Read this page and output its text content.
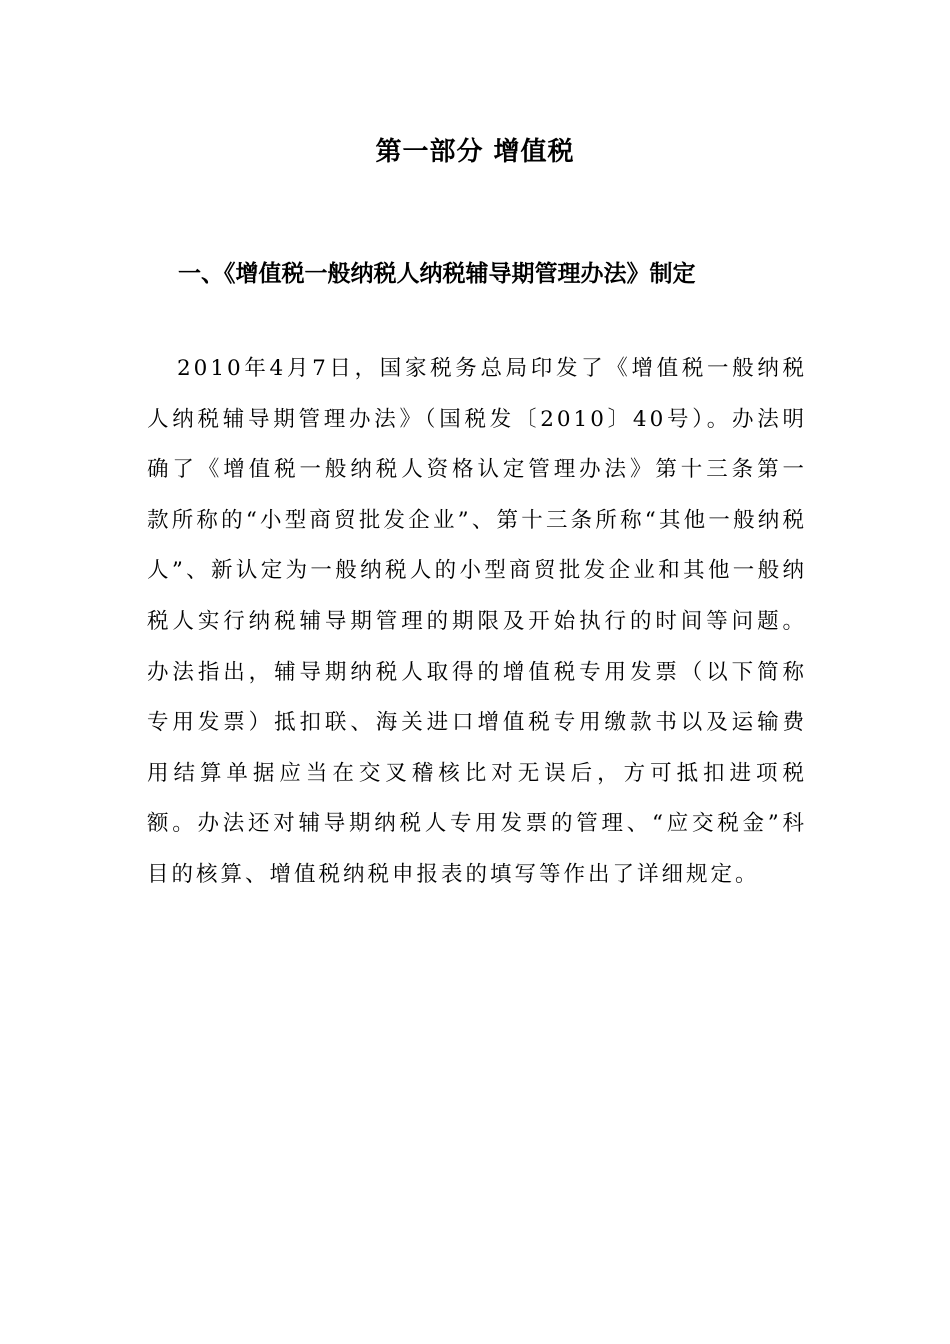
第一部分 增值税
一、《增值税一般纳税人纳税辅导期管理办法》制定

2010年4月7日，国家税务总局印发了《增值税一般纳税人纳税辅导期管理办法》（国税发〔2010〕40号）。办法明确了《增值税一般纳税人资格认定管理办法》第十三条第一款所称的“小型商贸批发企业”、第十三条所称“其他一般纳税人”、新认定为一般纳税人的小型商贸批发企业和其他一般纳税人实行纳税辅导期管理的期限及开始执行的时间等问题。办法指出，辅导期纳税人取得的增值税专用发票（以下简称专用发票）抵扣联、海关进口增值税专用缴款书以及运输费用结算单据应当在交叉稽核比对无误后，方可抵扣进项税额。办法还对辅导期纳税人专用发票的管理、“应交税金”科目的核算、增值税纳税申报表的填写等作出了详细规定。
